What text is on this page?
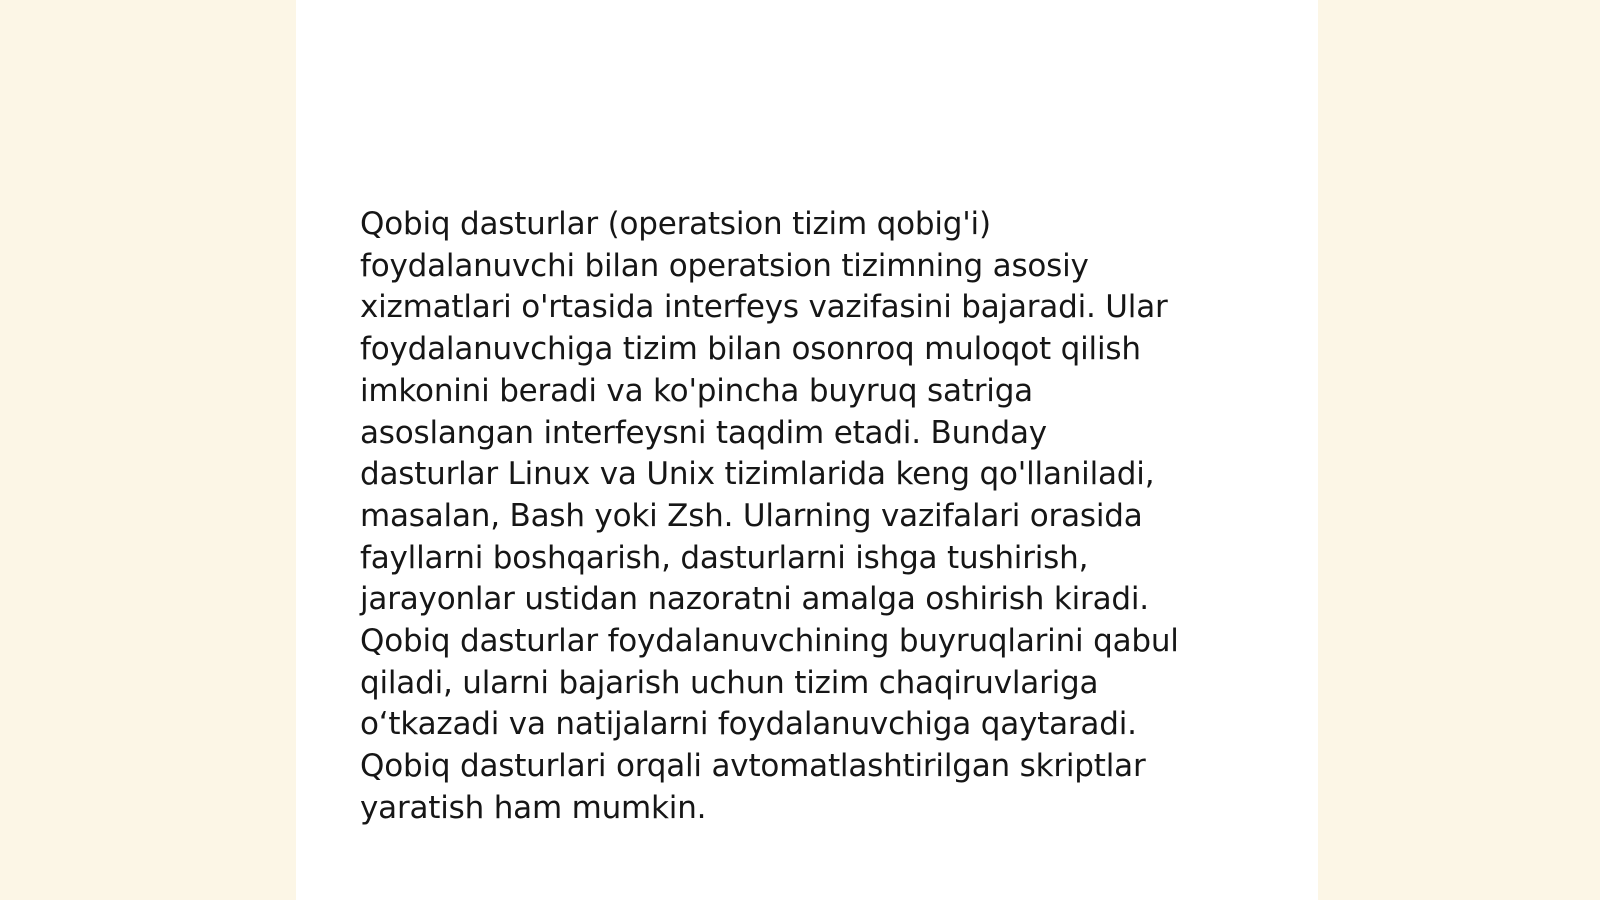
Qobiq dasturlar (operatsion tizim qobig'i)
foydalanuvchi bilan operatsion tizimning asosiy
xizmatlari o'rtasida interfeys vazifasini bajaradi. Ular
foydalanuvchiga tizim bilan osonroq muloqot qilish
imkonini beradi va ko'pincha buyruq satriga
asoslangan interfeysni taqdim etadi. Bunday
dasturlar Linux va Unix tizimlarida keng qo'llaniladi,
masalan, Bash yoki Zsh. Ularning vazifalari orasida
fayllarni boshqarish, dasturlarni ishga tushirish,
jarayonlar ustidan nazoratni amalga oshirish kiradi.
Qobiq dasturlar foydalanuvchining buyruqlarini qabul
qiladi, ularni bajarish uchun tizim chaqiruvlariga
o‘tkazadi va natijalarni foydalanuvchiga qaytaradi.
Qobiq dasturlari orqali avtomatlashtirilgan skriptlar
yaratish ham mumkin.
